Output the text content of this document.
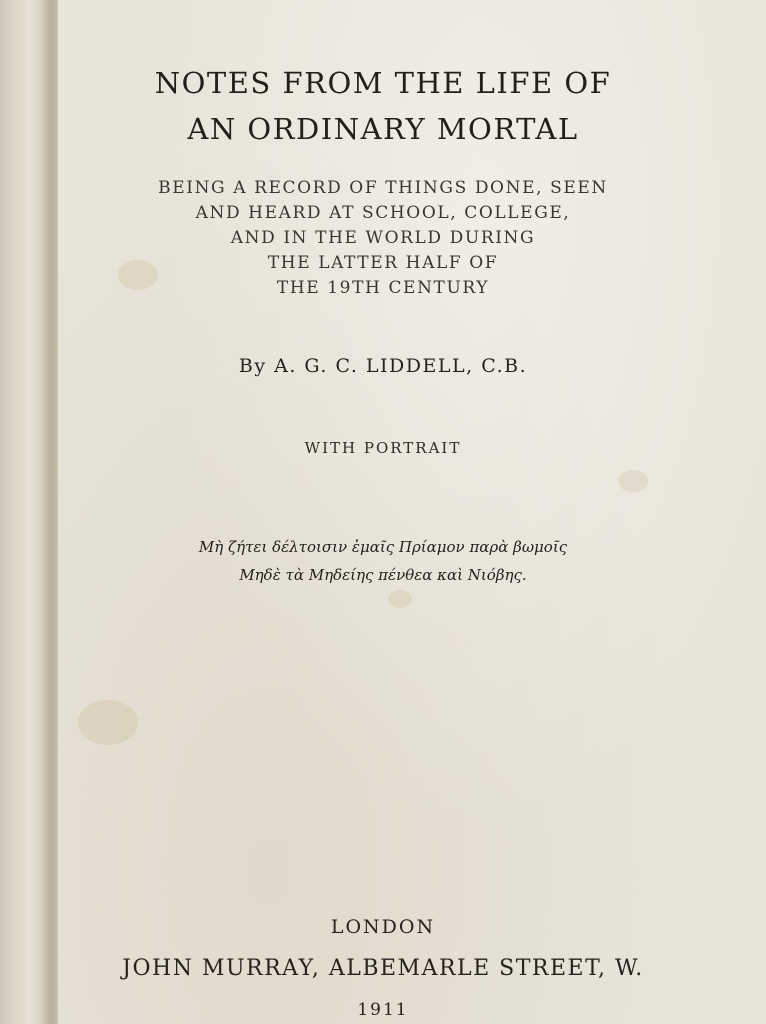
NOTES FROM THE LIFE OF
AN ORDINARY MORTAL
BEING A RECORD OF THINGS DONE, SEEN
AND HEARD AT SCHOOL, COLLEGE,
AND IN THE WORLD DURING
THE LATTER HALF OF
THE 19TH CENTURY
By A. G. C. LIDDELL, C.B.
WITH PORTRAIT
Μὴ ζήτει δέλτοισιν ἐμαῖς Πρίαμον παρὰ βωμοῖς
Μηδὲ τὰ Μηδείης πένθεα καὶ Νιόβης.
LONDON
JOHN MURRAY, ALBEMARLE STREET, W.
1911
